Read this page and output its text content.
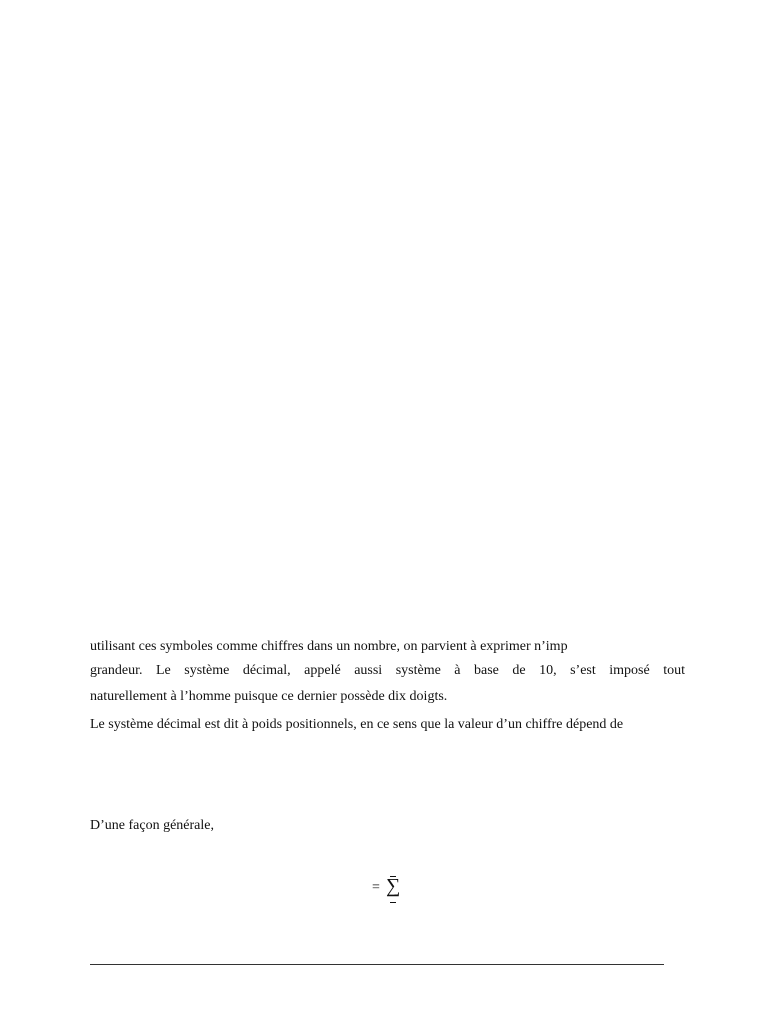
utilisant ces symboles comme chiffres dans un nombre, on parvient à exprimer n’imp
grandeur. Le système décimal, appelé aussi système à base de 10, s’est imposé tout
naturellement à l’homme puisque ce dernier possède dix doigts.
Le système décimal est dit à poids positionnels, en ce sens que la valeur d’un chiffre dépend de
D’une façon générale,
= ∑
